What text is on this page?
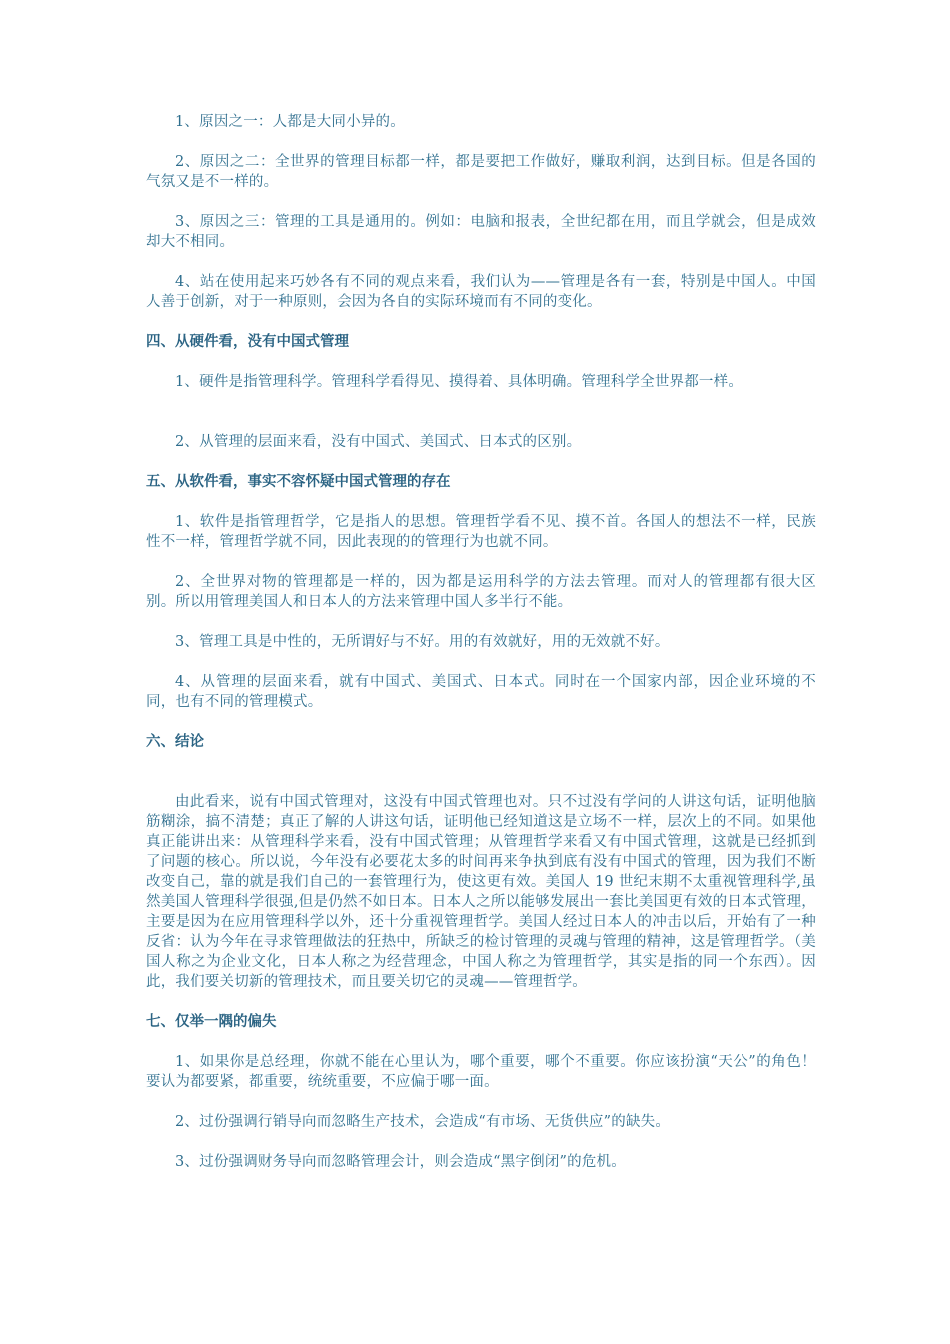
1、原因之一：人都是大同小异的。

2、原因之二：全世界的管理目标都一样，都是要把工作做好，赚取利润，达到目标。但是各国的气氛又是不一样的。

3、原因之三：管理的工具是通用的。例如：电脑和报表，全世纪都在用，而且学就会，但是成效却大不相同。

4、站在使用起来巧妙各有不同的观点来看，我们认为——管理是各有一套，特别是中国人。中国人善于创新，对于一种原则，会因为各自的实际环境而有不同的变化。

四、从硬件看，没有中国式管理

1、硬件是指管理科学。管理科学看得见、摸得着、具体明确。管理科学全世界都一样。

2、从管理的层面来看，没有中国式、美国式、日本式的区别。

五、从软件看，事实不容怀疑中国式管理的存在

1、软件是指管理哲学，它是指人的思想。管理哲学看不见、摸不首。各国人的想法不一样，民族性不一样，管理哲学就不同，因此表现的的管理行为也就不同。

2、全世界对物的管理都是一样的，因为都是运用科学的方法去管理。而对人的管理都有很大区别。所以用管理美国人和日本人的方法来管理中国人多半行不能。

3、管理工具是中性的，无所谓好与不好。用的有效就好，用的无效就不好。

4、从管理的层面来看，就有中国式、美国式、日本式。同时在一个国家内部，因企业环境的不同，也有不同的管理模式。

六、结论

由此看来，说有中国式管理对，这没有中国式管理也对。只不过没有学问的人讲这句话，证明他脑筋糊涂，搞不清楚；真正了解的人讲这句话，证明他已经知道这是立场不一样，层次上的不同。如果他真正能讲出来：从管理科学来看，没有中国式管理；从管理哲学来看又有中国式管理，这就是已经抓到了问题的核心。所以说，今年没有必要花太多的时间再来争执到底有没有中国式的管理，因为我们不断改变自己，靠的就是我们自己的一套管理行为，使这更有效。美国人 19 世纪末期不太重视管理科学,虽然美国人管理科学很强,但是仍然不如日本。日本人之所以能够发展出一套比美国更有效的日本式管理，主要是因为在应用管理科学以外，还十分重视管理哲学。美国人经过日本人的冲击以后，开始有了一种反省：认为今年在寻求管理做法的狂热中，所缺乏的检讨管理的灵魂与管理的精神，这是管理哲学。（美国人称之为企业文化，日本人称之为经营理念，中国人称之为管理哲学，其实是指的同一个东西）。因此，我们要关切新的管理技术，而且要关切它的灵魂——管理哲学。

七、仅举一隅的偏失

1、如果你是总经理，你就不能在心里认为，哪个重要，哪个不重要。你应该扮演“天公”的角色！要认为都要紧，都重要，统统重要，不应偏于哪一面。

2、过份强调行销导向而忽略生产技术，会造成“有市场、无货供应”的缺失。

3、过份强调财务导向而忽略管理会计，则会造成“黑字倒闭”的危机。
